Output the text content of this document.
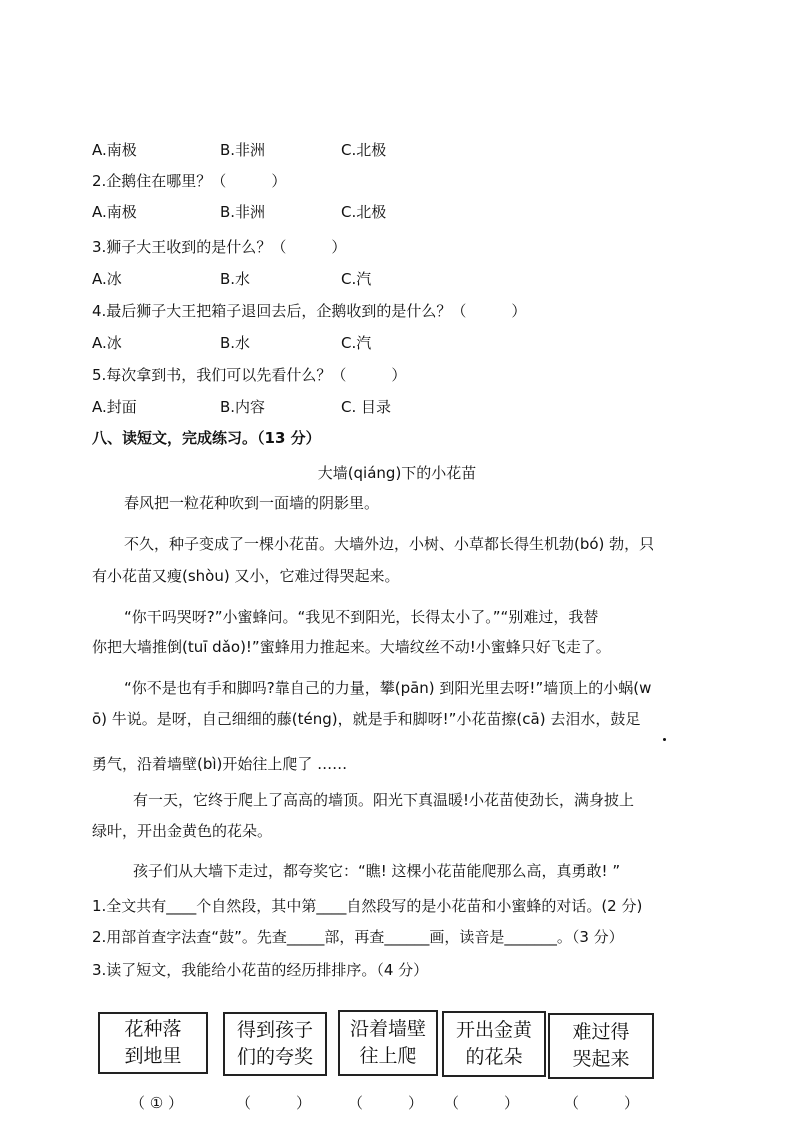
A.南极	B.非洲	C.北极
2.企鹅住在哪里？（　　　）
A.南极	B.非洲	C.北极
3.狮子大王收到的是什么？（　　　）
A.冰	B.水	C.汽
4.最后狮子大王把箱子退回去后，企鹅收到的是什么？（　　　）
A.冰	B.水	C.汽
5.每次拿到书，我们可以先看什么？（　　　）
A.封面	B.内容	C. 目录
八、读短文，完成练习。（13 分）
大墙(qiáng)下的小花苗
春风把一粒花种吹到一面墙的阴影里。
不久，种子变成了一棵小花苗。大墙外边，小树、小草都长得生机勃(bó) 勃，只
有小花苗又瘦(shòu) 又小，它难过得哭起来。
“你干吗哭呀?”小蜜蜂问。“我见不到阳光，长得太小了。”“别难过，我替
你把大墙推倒(tuī dǎo)!”蜜蜂用力推起来。大墙纹丝不动!小蜜蜂只好飞走了。
“你不是也有手和脚吗?靠自己的力量，攀(pān) 到阳光里去呀!”墙顶上的小蜗(w
ō) 牛说。是呀，自己细细的藤(téng)，就是手和脚呀!”小花苗擦(cā) 去泪水，鼓足
勇气，沿着墙壁(bì)开始往上爬了 ……
有一天，它终于爬上了高高的墙顶。阳光下真温暖!小花苗使劲长，满身披上
绿叶，开出金黄色的花朵。
孩子们从大墙下走过，都夸奖它：“瞧! 这棵小花苗能爬那么高，真勇敢! ”
1.全文共有____个自然段，其中第____自然段写的是小花苗和小蜜蜂的对话。(2 分)
2.用部首查字法查“鼓”。先查_____部，再查______画，读音是_______。（3 分）
3.读了短文，我能给小花苗的经历排排序。（4 分）
花种落
到地里
得到孩子
们的夸奖
沿着墙壁
往上爬
开出金黄
的花朵
难过得
哭起来
（ ① ）	（　　　） （　　　） （　　　）	（　　　）
